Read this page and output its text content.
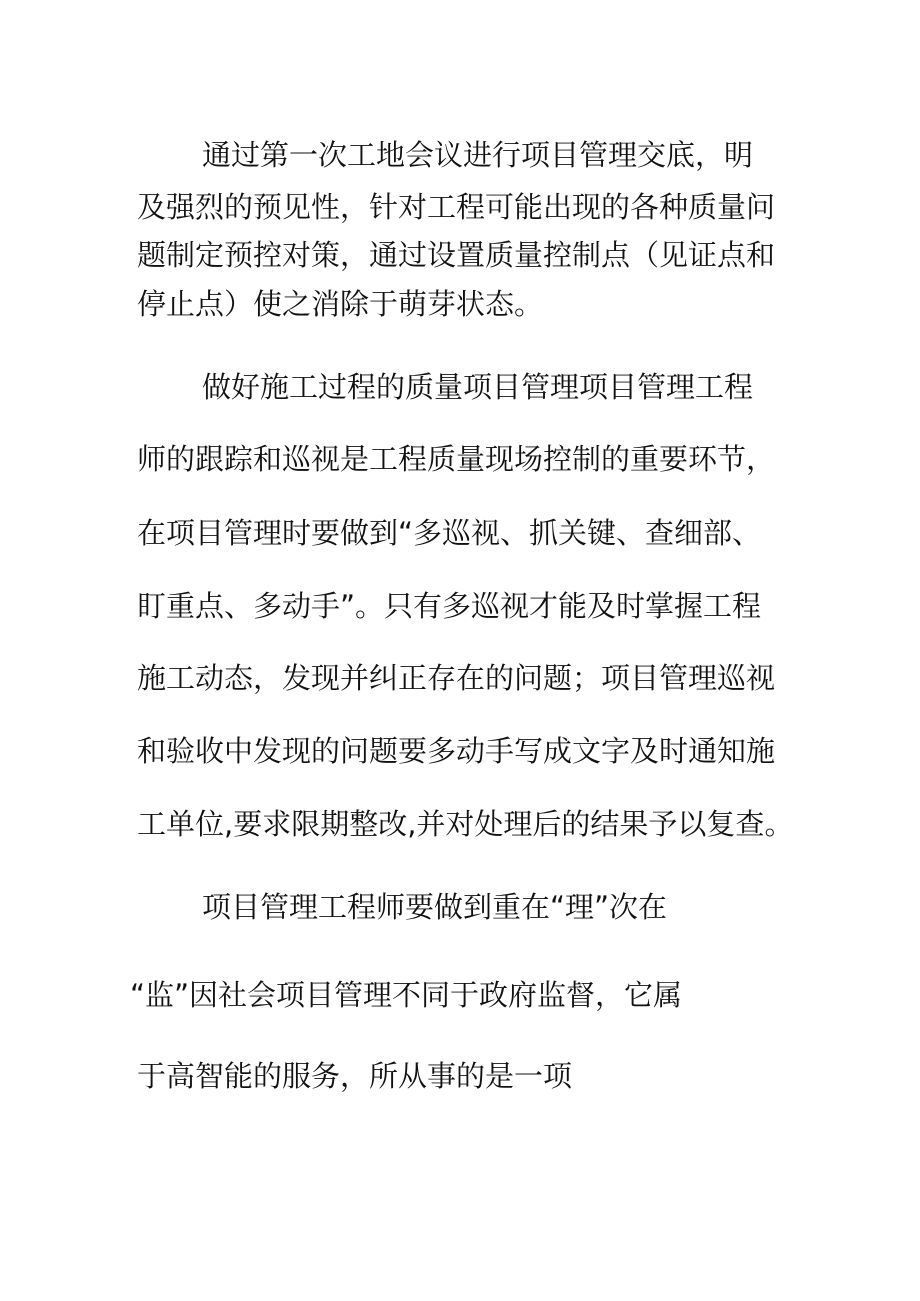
通过第一次工地会议进行项目管理交底，明
及强烈的预见性，针对工程可能出现的各种质量问
题制定预控对策，通过设置质量控制点（见证点和
停止点）使之消除于萌芽状态。
做好施工过程的质量项目管理项目管理工程
师的跟踪和巡视是工程质量现场控制的重要环节，
在项目管理时要做到“多巡视、抓关键、查细部、
盯重点、多动手”。只有多巡视才能及时掌握工程
施工动态，发现并纠正存在的问题；项目管理巡视
和验收中发现的问题要多动手写成文字及时通知施
工单位,要求限期整改,并对处理后的结果予以复查。
项目管理工程师要做到重在“理”次在
“监”因社会项目管理不同于政府监督，它属
于高智能的服务，所从事的是一项
